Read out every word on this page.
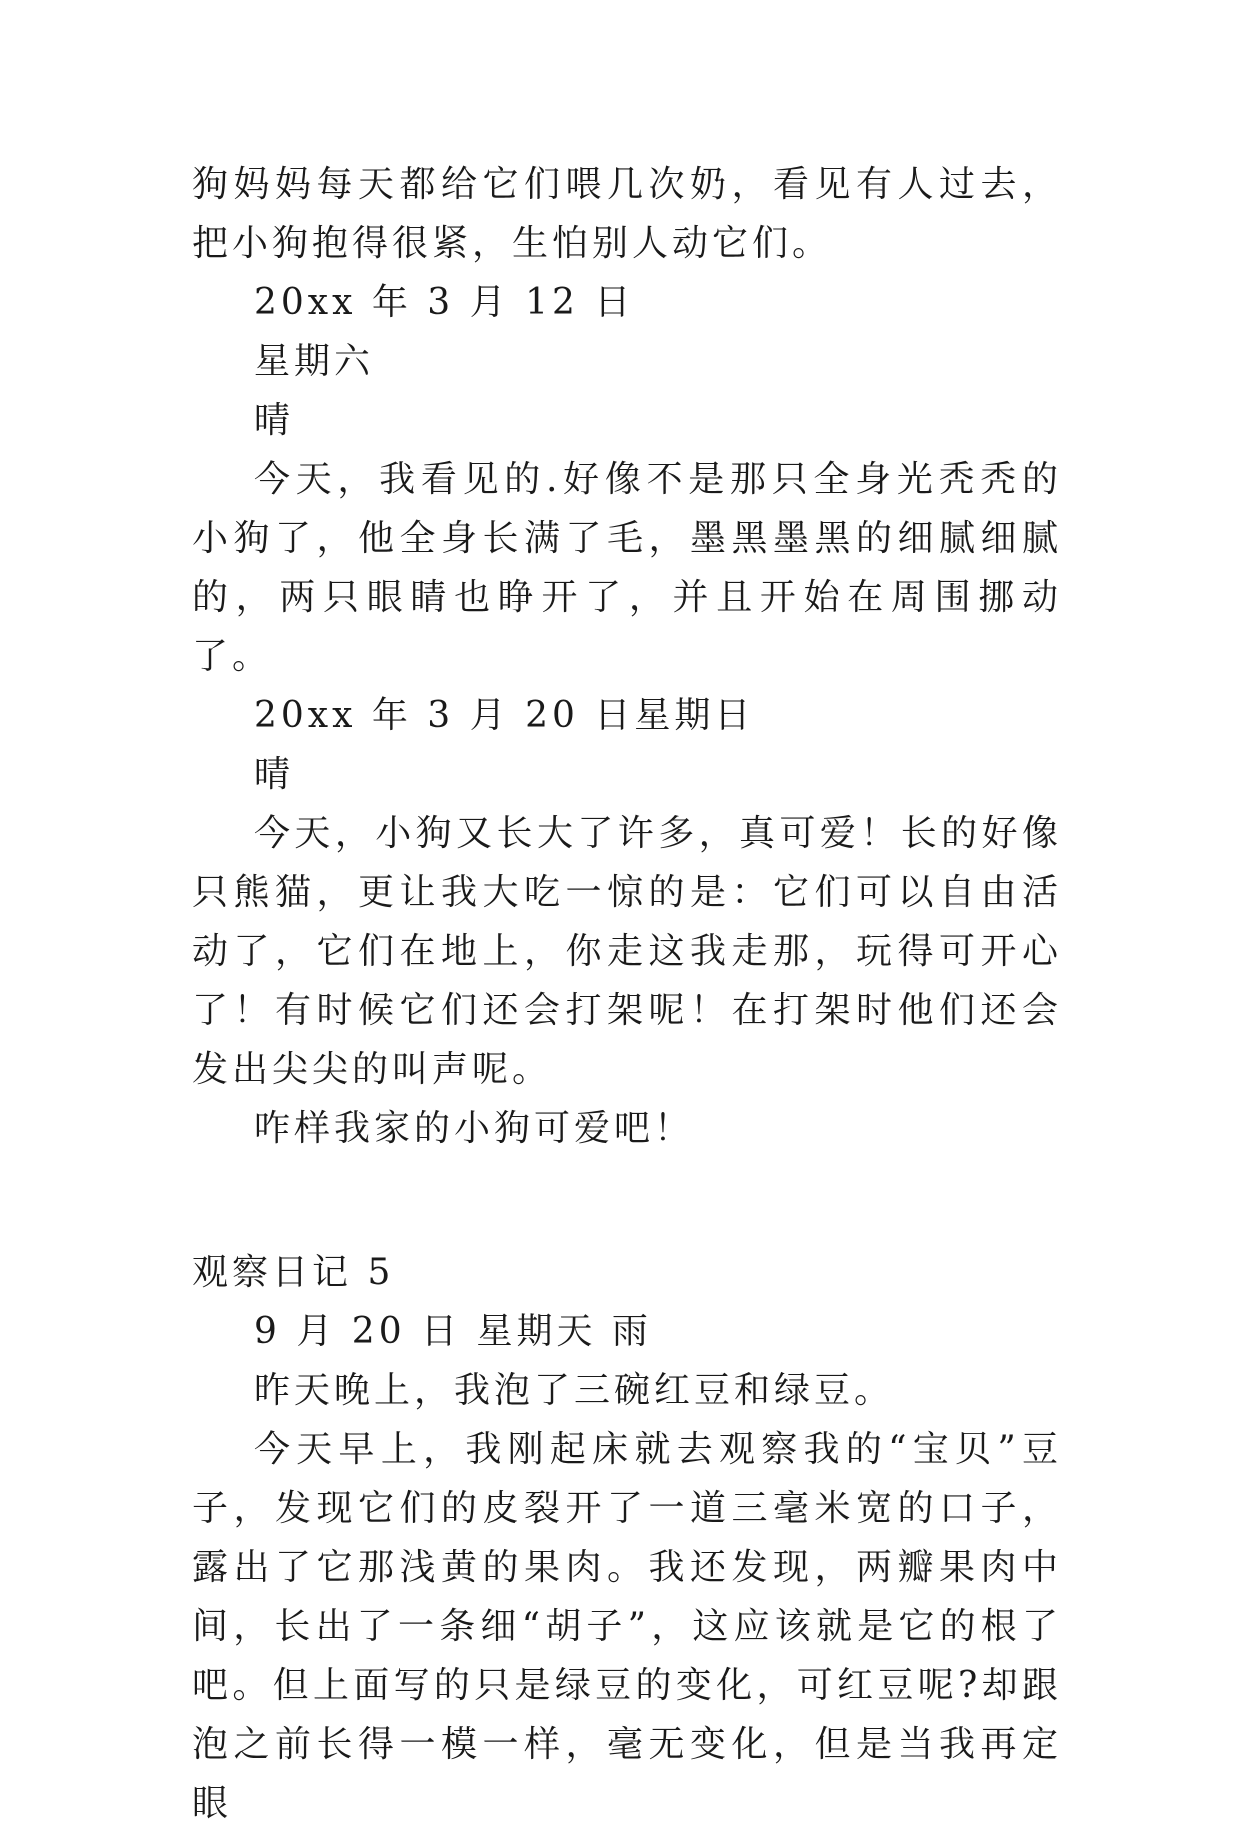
狗妈妈每天都给它们喂几次奶，看见有人过去，把小狗抱得很紧，生怕别人动它们。

20xx 年 3 月 12 日

星期六

晴

今天，我看见的.好像不是那只全身光秃秃的小狗了，他全身长满了毛，墨黑墨黑的细腻细腻的，两只眼睛也睁开了，并且开始在周围挪动了。

20xx 年 3 月 20 日星期日

晴

今天，小狗又长大了许多，真可爱！长的好像只熊猫，更让我大吃一惊的是：它们可以自由活动了，它们在地上，你走这我走那，玩得可开心了！有时候它们还会打架呢！在打架时他们还会发出尖尖的叫声呢。

咋样我家的小狗可爱吧！

观察日记 5

9 月 20 日 星期天 雨

昨天晚上，我泡了三碗红豆和绿豆。

今天早上，我刚起床就去观察我的“宝贝”豆子，发现它们的皮裂开了一道三毫米宽的口子，露出了它那浅黄的果肉。我还发现，两瓣果肉中间，长出了一条细“胡子”，这应该就是它的根了吧。但上面写的只是绿豆的变化，可红豆呢?却跟泡之前长得一模一样，毫无变化，但是当我再定眼
